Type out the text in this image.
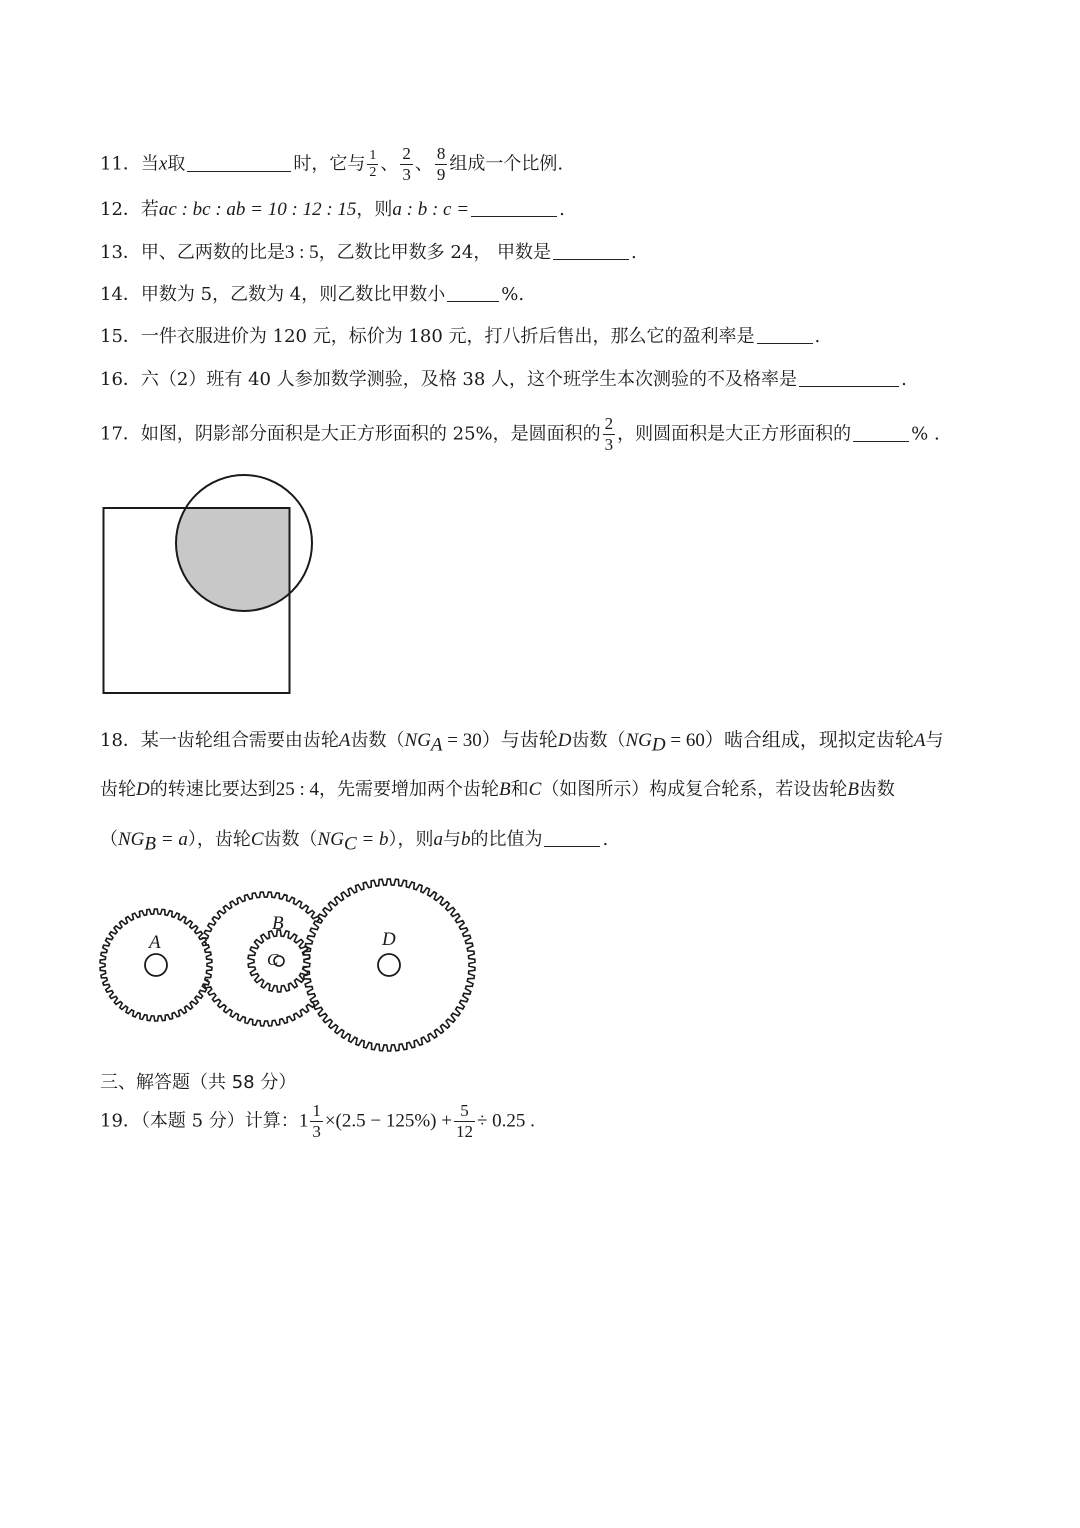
11．当x取	时，它与 $\frac{1}{2}$ 、 $\frac{2}{3}$ 、 $\frac{8}{9}$ 组成一个比例.
12．若ac : bc : ab = 10 : 12 : 15，则a : b : c =	.
13．甲、乙两数的比是3 : 5，乙数比甲数多 24， 甲数是	.
14．甲数为 5，乙数为 4，则乙数比甲数小	%.
15．一件衣服进价为 120 元，标价为 180 元，打八折后售出，那么它的盈利率是	.
16．六（2）班有 40 人参加数学测验，及格 38 人，这个班学生本次测验的不及格率是	.
17．如图，阴影部分面积是大正方形面积的 25%，是圆面积的 $\frac{2}{3}$ ，则圆面积是大正方形面积的	% .
18．某一齿轮组合需要由齿轮A齿数$(NG_A = 30)$与齿轮D齿数$(NG_D = 60)$啮合组成，现拟定齿轮A与
齿轮D的转速比要达到25 : 4，先需要增加两个齿轮B和C（如图所示）构成复合轮系，若设齿轮B齿数
$(NG_B = a)$，齿轮C齿数$(NG_C = b)$，则a与b的比值为	.
A
B
C
D
三、解答题（共 58 分）
19．（本题 5 分）计算：$1 \frac{1}{3} \times(2.5 - 125\%) + \frac{5}{12} \div 0.25$ .
